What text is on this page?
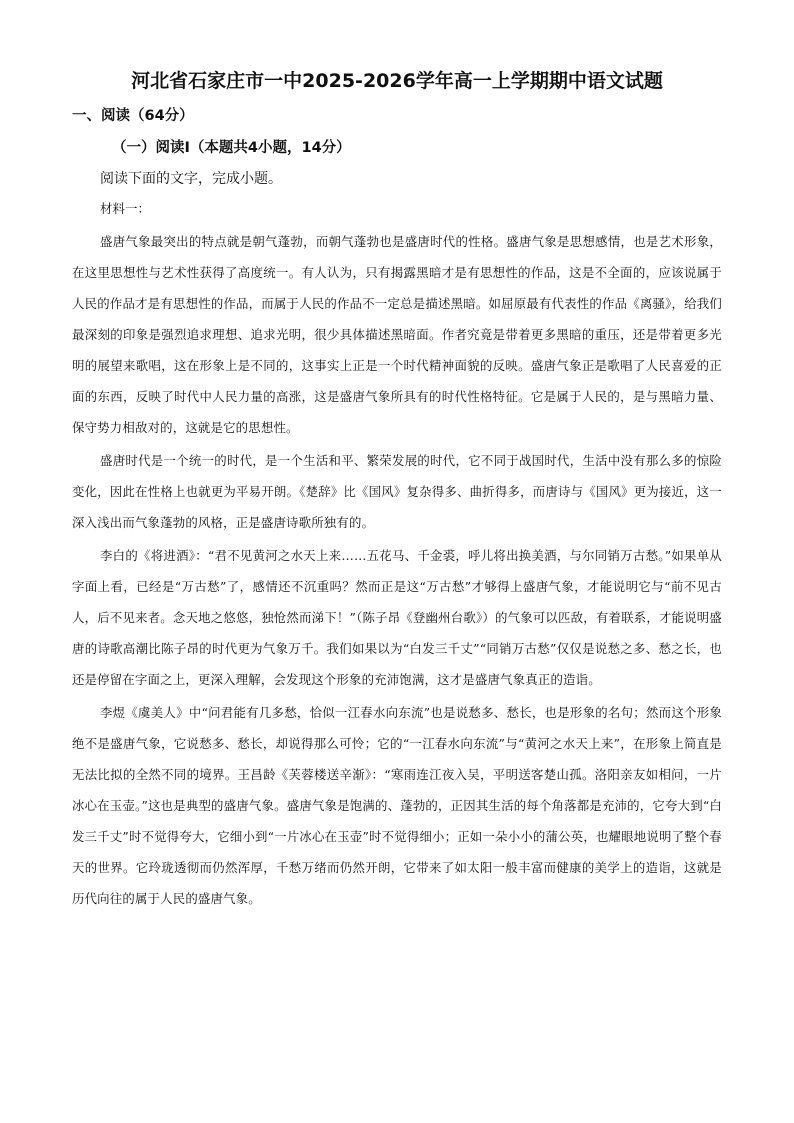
河北省石家庄市一中2025-2026学年高一上学期期中语文试题
一、阅读（64分）
（一）阅读Ⅰ（本题共4小题，14分）
阅读下面的文字，完成小题。
材料一：

盛唐气象最突出的特点就是朝气蓬勃，而朝气蓬勃也是盛唐时代的性格。盛唐气象是思想感情，也是艺术形象，在这里思想性与艺术性获得了高度统一。有人认为，只有揭露黑暗才是有思想性的作品，这是不全面的，应该说属于人民的作品才是有思想性的作品，而属于人民的作品不一定总是描述黑暗。如屈原最有代表性的作品《离骚》，给我们最深刻的印象是强烈追求理想、追求光明，很少具体描述黑暗面。作者究竟是带着更多黑暗的重压，还是带着更多光明的展望来歌唱，这在形象上是不同的，这事实上正是一个时代精神面貌的反映。盛唐气象正是歌唱了人民喜爱的正面的东西，反映了时代中人民力量的高涨，这是盛唐气象所具有的时代性格特征。它是属于人民的，是与黑暗力量、保守势力相敌对的，这就是它的思想性。

盛唐时代是一个统一的时代，是一个生活和平、繁荣发展的时代，它不同于战国时代，生活中没有那么多的惊险变化，因此在性格上也就更为平易开朗。《楚辞》比《国风》复杂得多、曲折得多，而唐诗与《国风》更为接近，这一深入浅出而气象蓬勃的风格，正是盛唐诗歌所独有的。

李白的《将进酒》：“君不见黄河之水天上来……五花马、千金裘，呼儿将出换美酒，与尔同销万古愁。”如果单从字面上看，已经是“万古愁”了，感情还不沉重吗？然而正是这“万古愁”才够得上盛唐气象，才能说明它与“前不见古人，后不见来者。念天地之悠悠，独怆然而涕下！”（陈子昂《登幽州台歌》）的气象可以匹敌，有着联系，才能说明盛唐的诗歌高潮比陈子昂的时代更为气象万千。我们如果以为“白发三千丈”“同销万古愁”仅仅是说愁之多、愁之长，也还是停留在字面之上，更深入理解，会发现这个形象的充沛饱满，这才是盛唐气象真正的造诣。

李煜《虞美人》中“问君能有几多愁，恰似一江春水向东流”也是说愁多、愁长，也是形象的名句；然而这个形象绝不是盛唐气象，它说愁多、愁长，却说得那么可怜；它的“一江春水向东流”与“黄河之水天上来”，在形象上简直是无法比拟的全然不同的境界。王昌龄《芙蓉楼送辛渐》：“寒雨连江夜入吴，平明送客楚山孤。洛阳亲友如相问，一片冰心在玉壶。”这也是典型的盛唐气象。盛唐气象是饱满的、蓬勃的，正因其生活的每个角落都是充沛的，它夸大到“白发三千丈”时不觉得夸大，它细小到“一片冰心在玉壶”时不觉得细小；正如一朵小小的蒲公英，也耀眼地说明了整个春天的世界。它玲珑透彻而仍然浑厚，千愁万绪而仍然开朗，它带来了如太阳一般丰富而健康的美学上的造诣，这就是历代向往的属于人民的盛唐气象。
